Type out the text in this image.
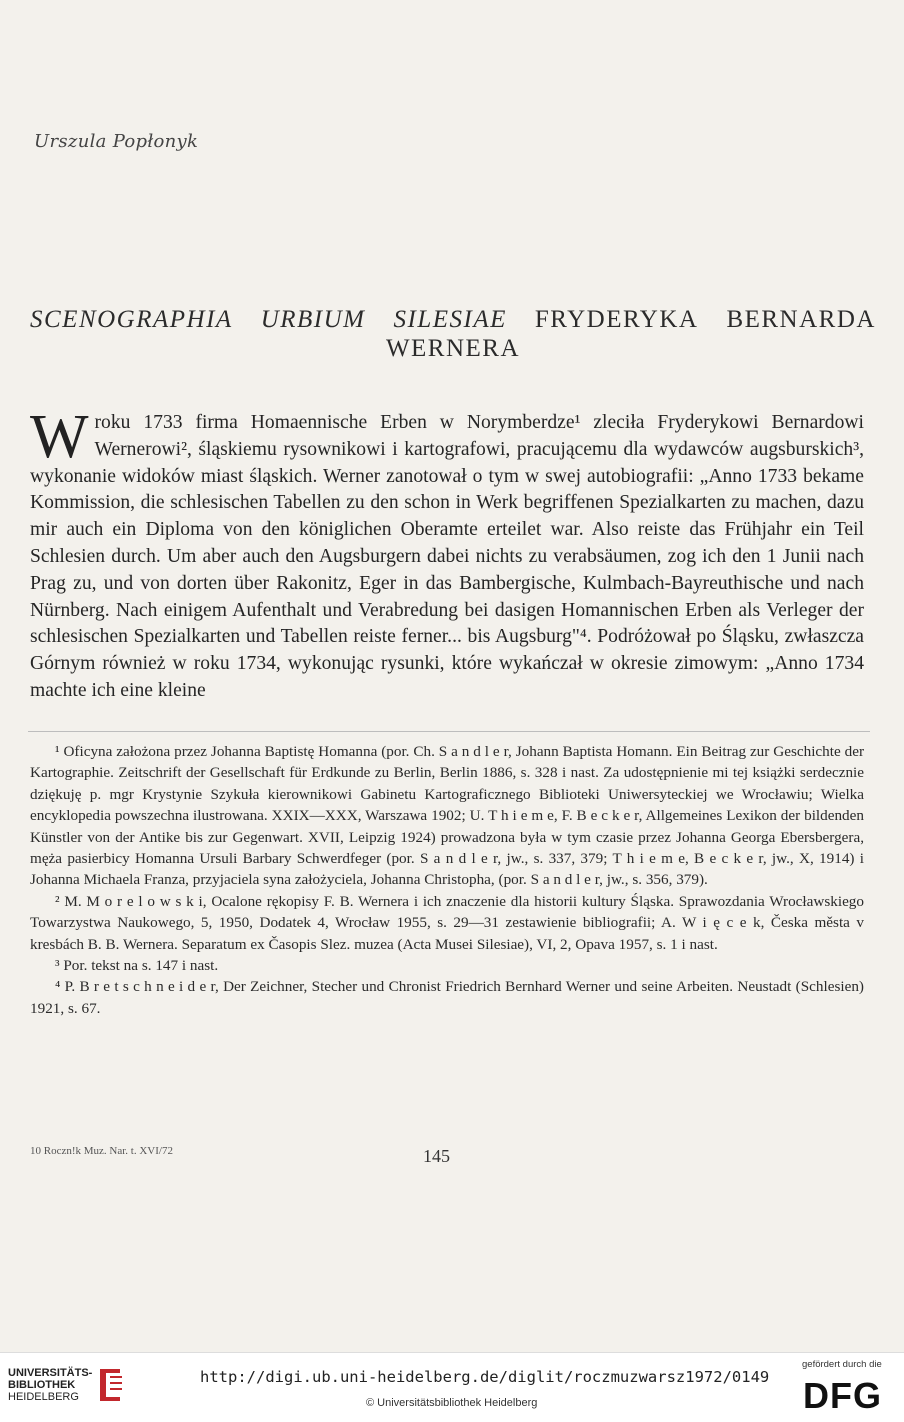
Urszula Popłonyk
SCENOGRAPHIA URBIUM SILESIAE FRYDERYKA BERNARDA
WERNERA
W roku 1733 firma Homaennische Erben w Norymberdze¹ zleciła Fryderykowi Bernardowi Wernerowi², śląskiemu rysownikowi i kartografowi, pracującemu dla wydawców augsburskich³, wykonanie widoków miast śląskich. Werner zanotował o tym w swej autobiografii: „Anno 1733 bekame Kommission, die schlesischen Tabellen zu den schon in Werk begriffenen Spezialkarten zu machen, dazu mir auch ein Diploma von den königlichen Oberamte erteilet war. Also reiste das Frühjahr ein Teil Schlesien durch. Um aber auch den Augsburgern dabei nichts zu verabsäumen, zog ich den 1 Junii nach Prag zu, und von dorten über Rakonitz, Eger in das Bambergische, Kulmbach-Bayreuthische und nach Nürnberg. Nach einigem Aufenthalt und Verabredung bei dasigen Homannischen Erben als Verleger der schlesischen Spezialkarten und Tabellen reiste ferner... bis Augsburg"⁴. Podróżował po Śląsku, zwłaszcza Górnym również w roku 1734, wykonując rysunki, które wykańczał w okresie zimowym: „Anno 1734 machte ich eine kleine

¹ Oficyna założona przez Johanna Baptistę Homanna (por. Ch. S a n d l e r, Johann Baptista Homann. Ein Beitrag zur Geschichte der Kartographie. Zeitschrift der Gesellschaft für Erdkunde zu Berlin, Berlin 1886, s. 328 i nast. Za udostępnienie mi tej książki serdecznie dziękuję p. mgr Krystynie Szykuła kierownikowi Gabinetu Kartograficznego Biblioteki Uniwersyteckiej we Wrocławiu; Wielka encyklopedia powszechna ilustrowana. XXIX—XXX, Warszawa 1902; U. T h i e m e, F. B e c k e r, Allgemeines Lexikon der bildenden Künstler von der Antike bis zur Gegenwart. XVII, Leipzig 1924) prowadzona była w tym czasie przez Johanna Georga Ebersbergera, męża pasierbicy Homanna Ursuli Barbary Schwerdfeger (por. S a n d l e r, jw., s. 337, 379; T h i e m e, B e c k e r, jw., X, 1914) i Johanna Michaela Franza, przyjaciela syna założyciela, Johanna Christopha, (por. S a n d l e r, jw., s. 356, 379).

² M. M o r e l o w s k i, Ocalone rękopisy F. B. Wernera i ich znaczenie dla historii kultury Śląska. Sprawozdania Wrocławskiego Towarzystwa Naukowego, 5, 1950, Dodatek 4, Wrocław 1955, s. 29—31 zestawienie bibliografii; A. W i ę c e k, Česka města v kresbách B. B. Wernera. Separatum ex Časopis Slez. muzea (Acta Musei Silesiae), VI, 2, Opava 1957, s. 1 i nast.

³ Por. tekst na s. 147 i nast.

⁴ P. B r e t s c h n e i d e r, Der Zeichner, Stecher und Chronist Friedrich Bernhard Werner und seine Arbeiten. Neustadt (Schlesien) 1921, s. 67.

10 Roczn!k Muz. Nar. t. XVI/72	145
UNIVERSITÄTS-
BIBLIOTHEK
HEIDELBERG
http://digi.ub.uni-heidelberg.de/diglit/roczmuzwarsz1972/0149
© Universitätsbibliothek Heidelberg
gefördert durch die
DFG
